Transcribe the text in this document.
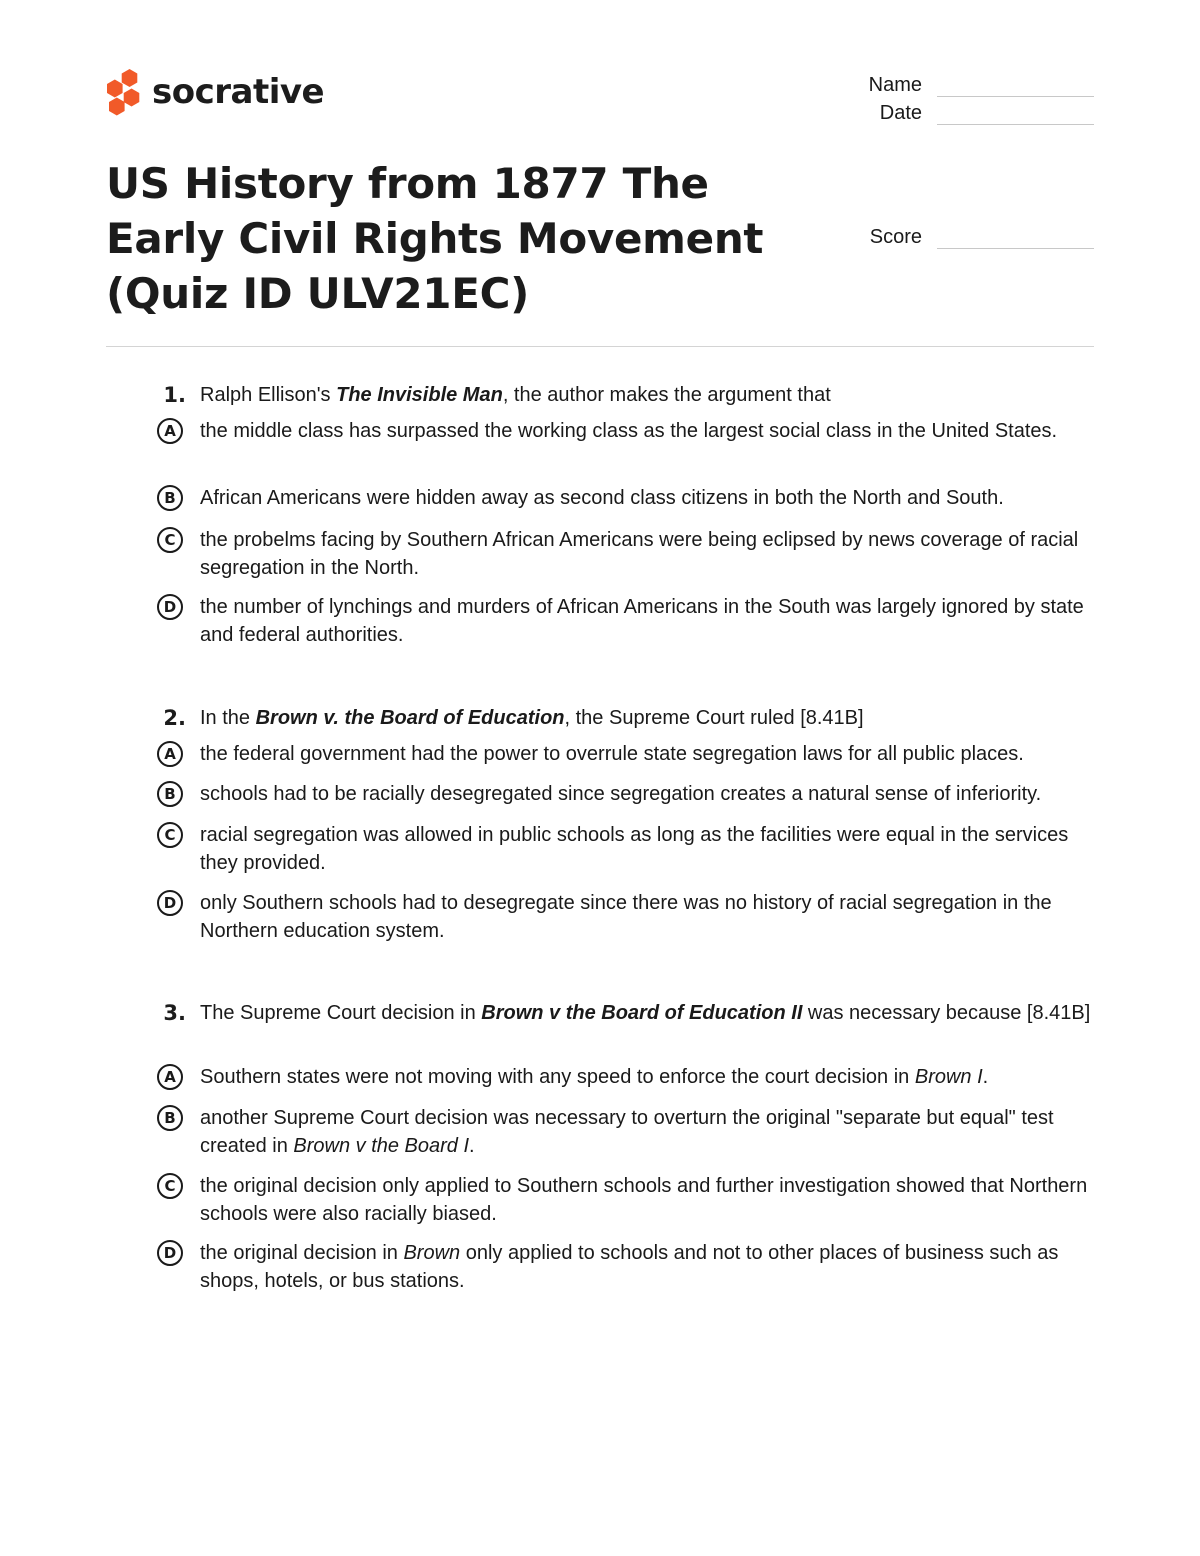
socrative	Name
Date
Score
US History from 1877 The Early Civil Rights Movement (Quiz ID ULV21EC)
1. Ralph Ellison's The Invisible Man, the author makes the argument that
A	the middle class has surpassed the working class as the largest social class in the United States.
B	African Americans were hidden away as second class citizens in both the North and South.
C	the probelms facing by Southern African Americans were being eclipsed by news coverage of racial segregation in the North.
D	the number of lynchings and murders of African Americans in the South was largely ignored by state and federal authorities.
2. In the Brown v. the Board of Education, the Supreme Court ruled [8.41B]
A	the federal government had the power to overrule state segregation laws for all public places.
B	schools had to be racially desegregated since segregation creates a natural sense of inferiority.
C	racial segregation was allowed in public schools as long as the facilities were equal in the services they provided.
D	only Southern schools had to desegregate since there was no history of racial segregation in the Northern education system.
3. The Supreme Court decision in Brown v the Board of Education II was necessary because [8.41B]
A	Southern states were not moving with any speed to enforce the court decision in Brown I.
B	another Supreme Court decision was necessary to overturn the original "separate but equal" test created in Brown v the Board I.
C	the original decision only applied to Southern schools and further investigation showed that Northern schools were also racially biased.
D	the original decision in Brown only applied to schools and not to other places of business such as shops, hotels, or bus stations.
